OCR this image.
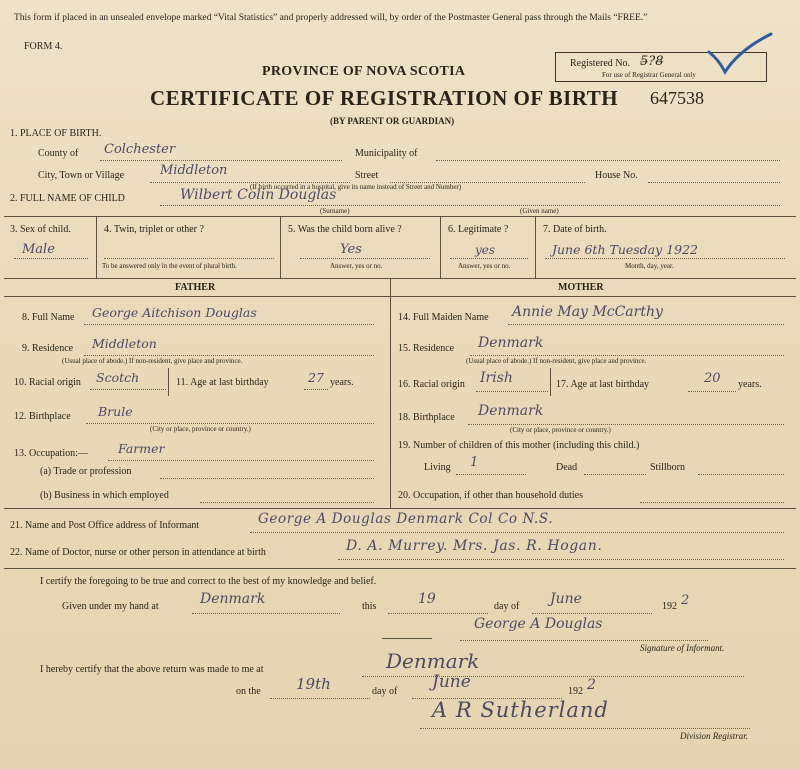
This form if placed in an unsealed envelope marked “Vital Statistics” and properly addressed will, by order of the Postmaster General pass through the Mails “FREE.”
FORM 4.
PROVINCE OF NOVA SCOTIA
CERTIFICATE OF REGISTRATION OF BIRTH 647538
(BY PARENT OR GUARDIAN)
Registered No. 5̶?8̶
For use of Registrar General only
1. PLACE OF BIRTH.
County of Colchester	Municipality of
City, Town or Village	Middleton	Street	House No.
(If birth occurred in a hospital, give its name instead of Street and Number)
2. FULL NAME OF CHILD	Wilbert Colin Douglas
(Surname)	(Given name)
3. Sex of child.
Male
4. Twin, triplet or other ?
To be answered only in the event of plural birth.
5. Was the child born alive ?
Yes
Answer, yes or no.
6. Legitimate ?
yes
Answer, yes or no.
7. Date of birth.
June 6th Tuesday 1922
Month, day, year.
FATHER	MOTHER
8. Full Name George Aitchison Douglas
9. Residence Middleton
(Usual place of abode.) If non-resident, give place and province.
10. Racial origin Scotch	11. Age at last birthday	27 years.
12. Birthplace Brule
(City or place, province or country.)
13. Occupation:— Farmer
(a) Trade or profession
(b) Business in which employed
14. Full Maiden Name Annie May McCarthy
15. Residence Denmark
(Usual place of abode.) If non-resident, give place and province.
16. Racial origin Irish	17. Age at last birthday	20 years.
18. Birthplace Denmark
(City or place, province or country.)
19. Number of children of this mother (including this child.)
Living 1	Dead	Stillborn
20. Occupation, if other than household duties
21. Name and Post Office address of Informant	George A Douglas Denmark Col Co N.S.
22. Name of Doctor, nurse or other person in attendance at birth	D. A. Murrey. Mrs. Jas. R. Hogan.
I certify the foregoing to be true and correct to the best of my knowledge and belief.
Given under my hand at	Denmark	this	19	day of June	192 2
George A Douglas
Signature of Informant.
I hereby certify that the above return was made to me at	Denmark
on the 19th	day of June	192 2
A R Sutherland
Division Registrar.
